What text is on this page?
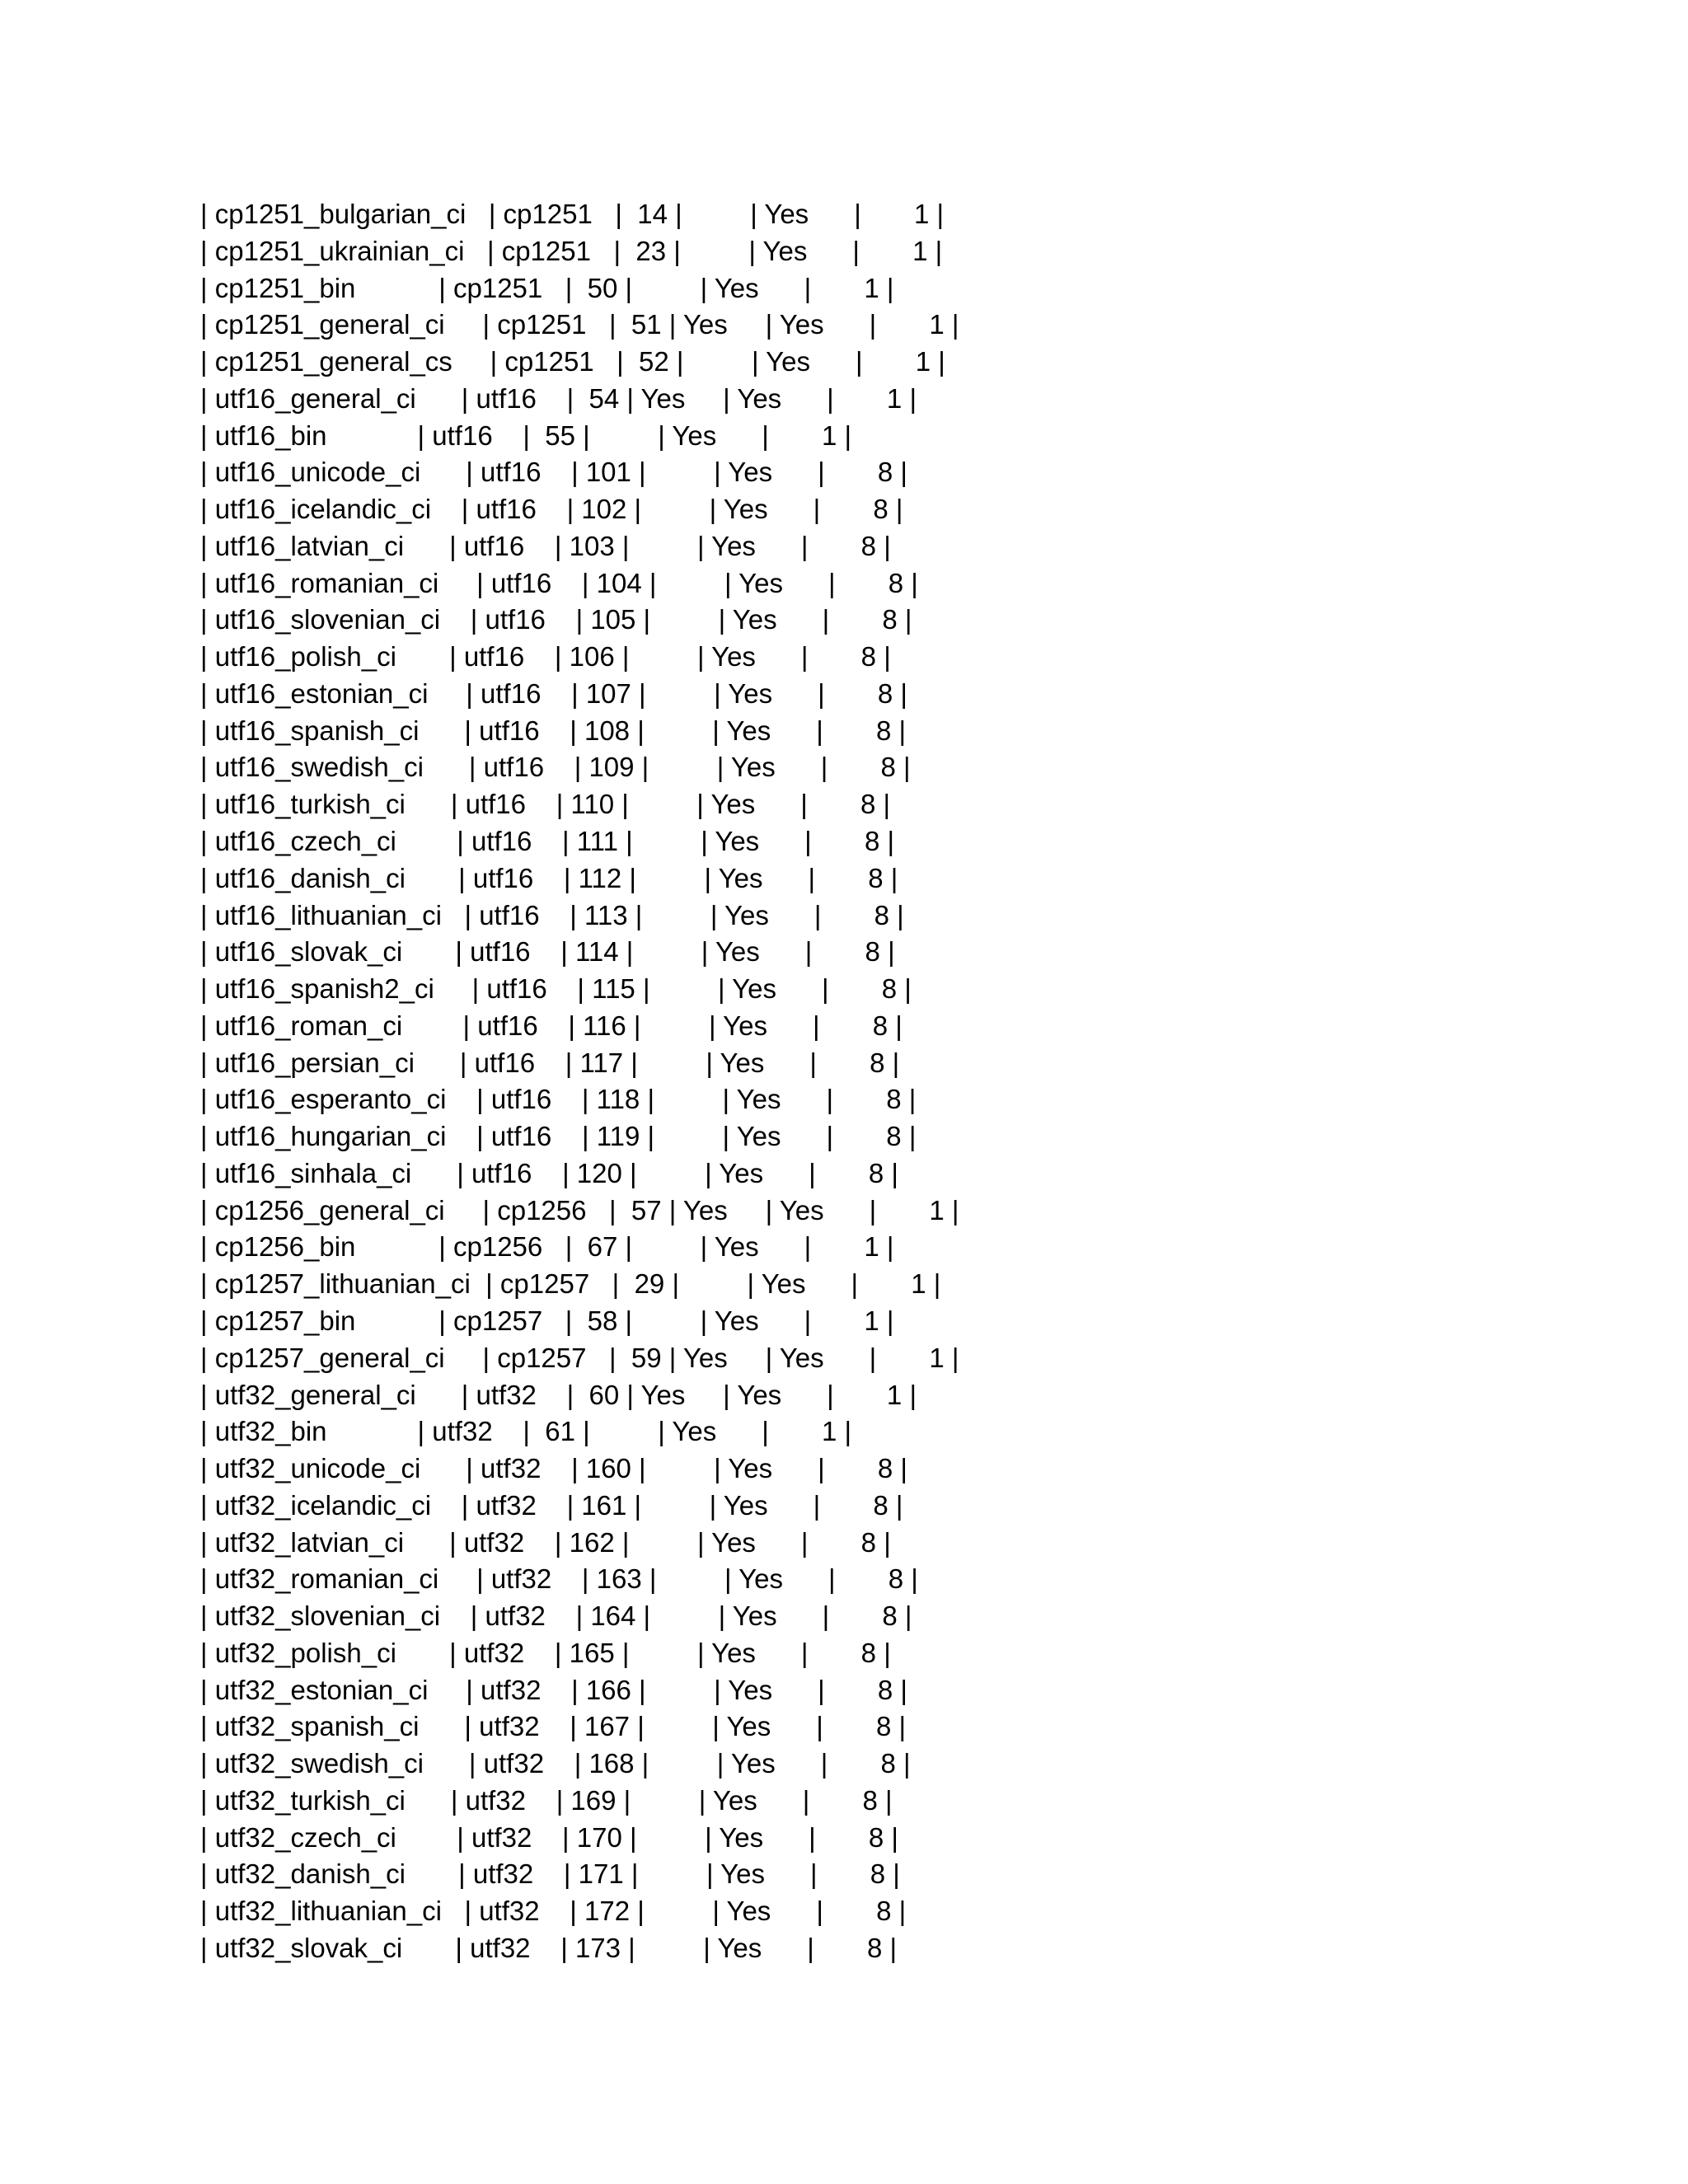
| cp1251_bulgarian_ci   | cp1251   |  14 |         | Yes      |       1 |
| cp1251_ukrainian_ci   | cp1251   |  23 |         | Yes      |       1 |
| cp1251_bin           | cp1251   |  50 |         | Yes      |       1 |
| cp1251_general_ci     | cp1251   |  51 | Yes     | Yes      |       1 |
| cp1251_general_cs     | cp1251   |  52 |         | Yes      |       1 |
| utf16_general_ci      | utf16    |  54 | Yes     | Yes      |       1 |
| utf16_bin            | utf16    |  55 |         | Yes      |       1 |
| utf16_unicode_ci      | utf16    | 101 |         | Yes      |       8 |
| utf16_icelandic_ci    | utf16    | 102 |         | Yes      |       8 |
| utf16_latvian_ci      | utf16    | 103 |         | Yes      |       8 |
| utf16_romanian_ci     | utf16    | 104 |         | Yes      |       8 |
| utf16_slovenian_ci    | utf16    | 105 |         | Yes      |       8 |
| utf16_polish_ci       | utf16    | 106 |         | Yes      |       8 |
| utf16_estonian_ci     | utf16    | 107 |         | Yes      |       8 |
| utf16_spanish_ci      | utf16    | 108 |         | Yes      |       8 |
| utf16_swedish_ci      | utf16    | 109 |         | Yes      |       8 |
| utf16_turkish_ci      | utf16    | 110 |         | Yes      |       8 |
| utf16_czech_ci        | utf16    | 111 |         | Yes      |       8 |
| utf16_danish_ci       | utf16    | 112 |         | Yes      |       8 |
| utf16_lithuanian_ci   | utf16    | 113 |         | Yes      |       8 |
| utf16_slovak_ci       | utf16    | 114 |         | Yes      |       8 |
| utf16_spanish2_ci     | utf16    | 115 |         | Yes      |       8 |
| utf16_roman_ci        | utf16    | 116 |         | Yes      |       8 |
| utf16_persian_ci      | utf16    | 117 |         | Yes      |       8 |
| utf16_esperanto_ci    | utf16    | 118 |         | Yes      |       8 |
| utf16_hungarian_ci    | utf16    | 119 |         | Yes      |       8 |
| utf16_sinhala_ci      | utf16    | 120 |         | Yes      |       8 |
| cp1256_general_ci     | cp1256   |  57 | Yes     | Yes      |       1 |
| cp1256_bin           | cp1256   |  67 |         | Yes      |       1 |
| cp1257_lithuanian_ci  | cp1257   |  29 |         | Yes      |       1 |
| cp1257_bin           | cp1257   |  58 |         | Yes      |       1 |
| cp1257_general_ci     | cp1257   |  59 | Yes     | Yes      |       1 |
| utf32_general_ci      | utf32    |  60 | Yes     | Yes      |       1 |
| utf32_bin            | utf32    |  61 |         | Yes      |       1 |
| utf32_unicode_ci      | utf32    | 160 |         | Yes      |       8 |
| utf32_icelandic_ci    | utf32    | 161 |         | Yes      |       8 |
| utf32_latvian_ci      | utf32    | 162 |         | Yes      |       8 |
| utf32_romanian_ci     | utf32    | 163 |         | Yes      |       8 |
| utf32_slovenian_ci    | utf32    | 164 |         | Yes      |       8 |
| utf32_polish_ci       | utf32    | 165 |         | Yes      |       8 |
| utf32_estonian_ci     | utf32    | 166 |         | Yes      |       8 |
| utf32_spanish_ci      | utf32    | 167 |         | Yes      |       8 |
| utf32_swedish_ci      | utf32    | 168 |         | Yes      |       8 |
| utf32_turkish_ci      | utf32    | 169 |         | Yes      |       8 |
| utf32_czech_ci        | utf32    | 170 |         | Yes      |       8 |
| utf32_danish_ci       | utf32    | 171 |         | Yes      |       8 |
| utf32_lithuanian_ci   | utf32    | 172 |         | Yes      |       8 |
| utf32_slovak_ci       | utf32    | 173 |         | Yes      |       8 |
